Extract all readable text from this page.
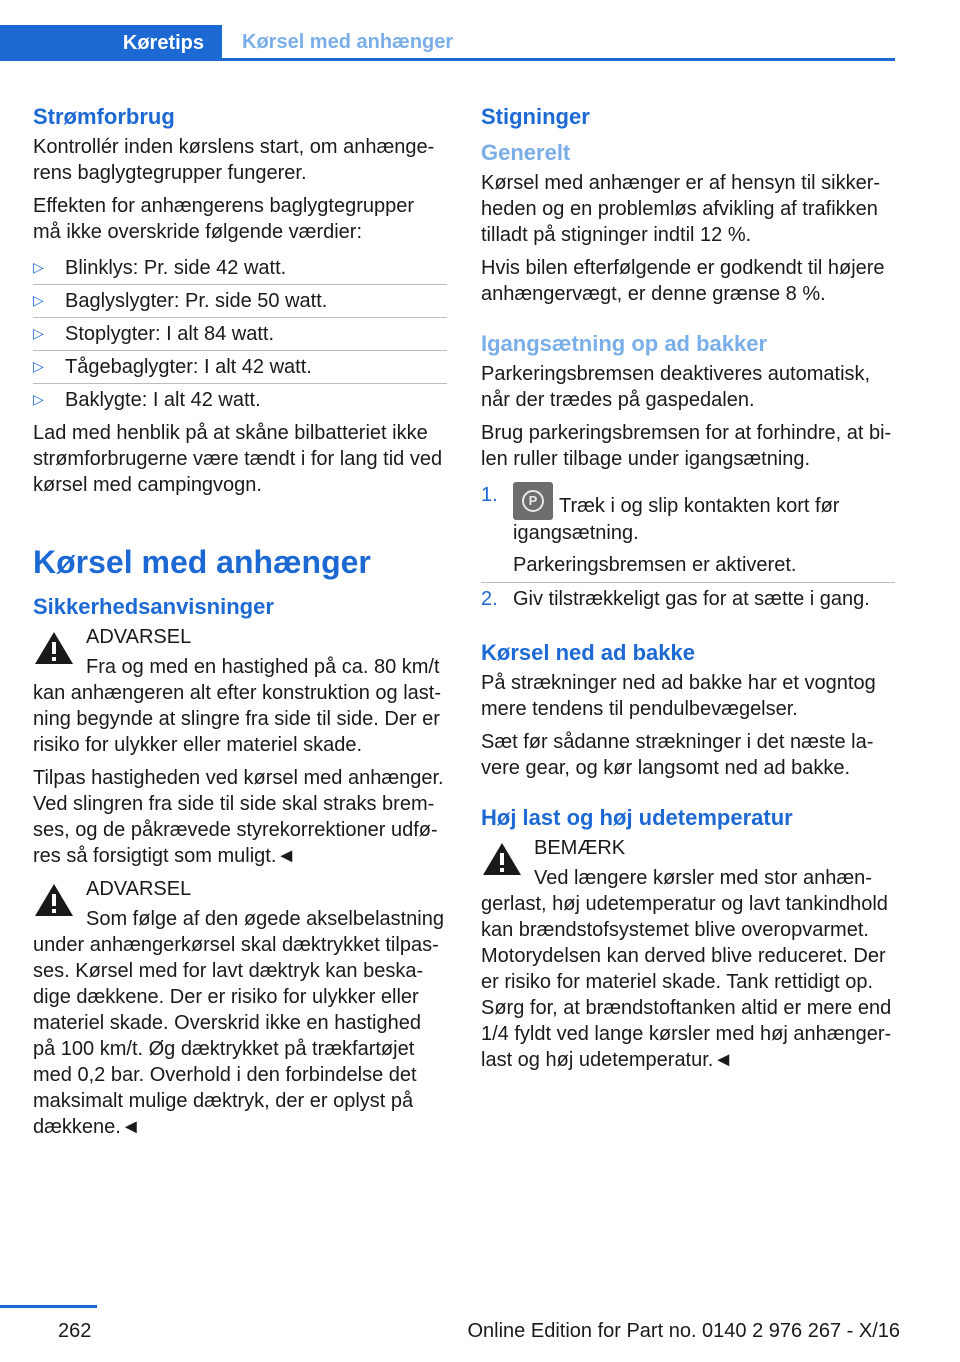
Køretips	Kørsel med anhænger
Strømforbrug

Kontrollér inden kørslens start, om anhængerens baglygtegrupper fungerer.

Effekten for anhængerens baglygtegrupper må ikke overskride følgende værdier:

▷ Blinklys: Pr. side 42 watt.
▷ Baglyslygter: Pr. side 50 watt.
▷ Stoplygter: I alt 84 watt.
▷ Tågebaglygter: I alt 42 watt.
▷ Baklygte: I alt 42 watt.

Lad med henblik på at skåne bilbatteriet ikke strømforbrugerne være tændt i for lang tid ved kørsel med campingvogn.

Kørsel med anhænger
Sikkerhedsanvisninger
ADVARSEL
Fra og med en hastighed på ca. 80 km/t kan anhængeren alt efter konstruktion og lastning begynde at slingre fra side til side. Der er risiko for ulykker eller materiel skade.

Tilpas hastigheden ved kørsel med anhænger. Ved slingren fra side til side skal straks bremses, og de påkrævede styrekorrektioner udføres så forsigtigt som muligt.◄

ADVARSEL
Som følge af den øgede akselbelastning under anhængerkørsel skal dæktrykket tilpasses. Kørsel med for lavt dæktryk kan beskadige dækkene. Der er risiko for ulykker eller materiel skade. Overskrid ikke en hastighed på 100 km/t. Øg dæktrykket på trækfartøjet med 0,2 bar. Overhold i den forbindelse det maksimalt mulige dæktryk, der er oplyst på dækkene.◄
Stigninger
Generelt

Kørsel med anhænger er af hensyn til sikkerheden og en problemløs afvikling af trafikken tilladt på stigninger indtil 12 %.

Hvis bilen efterfølgende er godkendt til højere anhængervægt, er denne grænse 8 %.

Igangsætning op ad bakker

Parkeringsbremsen deaktiveres automatisk, når der trædes på gaspedalen.

Brug parkeringsbremsen for at forhindre, at bilen ruller tilbage under igangsætning.

1.	P	Træk i og slip kontakten kort før igangsætning.
Parkeringsbremsen er aktiveret.
2. Giv tilstrækkeligt gas for at sætte i gang.
Kørsel ned ad bakke

På strækninger ned ad bakke har et vogntog mere tendens til pendulbevægelser.

Sæt før sådanne strækninger i det næste lavere gear, og kør langsomt ned ad bakke.

Høj last og høj udetemperatur
BEMÆRK
Ved længere kørsler med stor anhængerlast, høj udetemperatur og lavt tankindhold kan brændstofsystemet blive overopvarmet. Motorydelsen kan derved blive reduceret. Der er risiko for materiel skade. Tank rettidigt op. Sørg for, at brændstoftanken altid er mere end 1/4 fyldt ved lange kørsler med høj anhængerlast og høj udetemperatur.◄
262	Online Edition for Part no. 0140 2 976 267 - X/16
